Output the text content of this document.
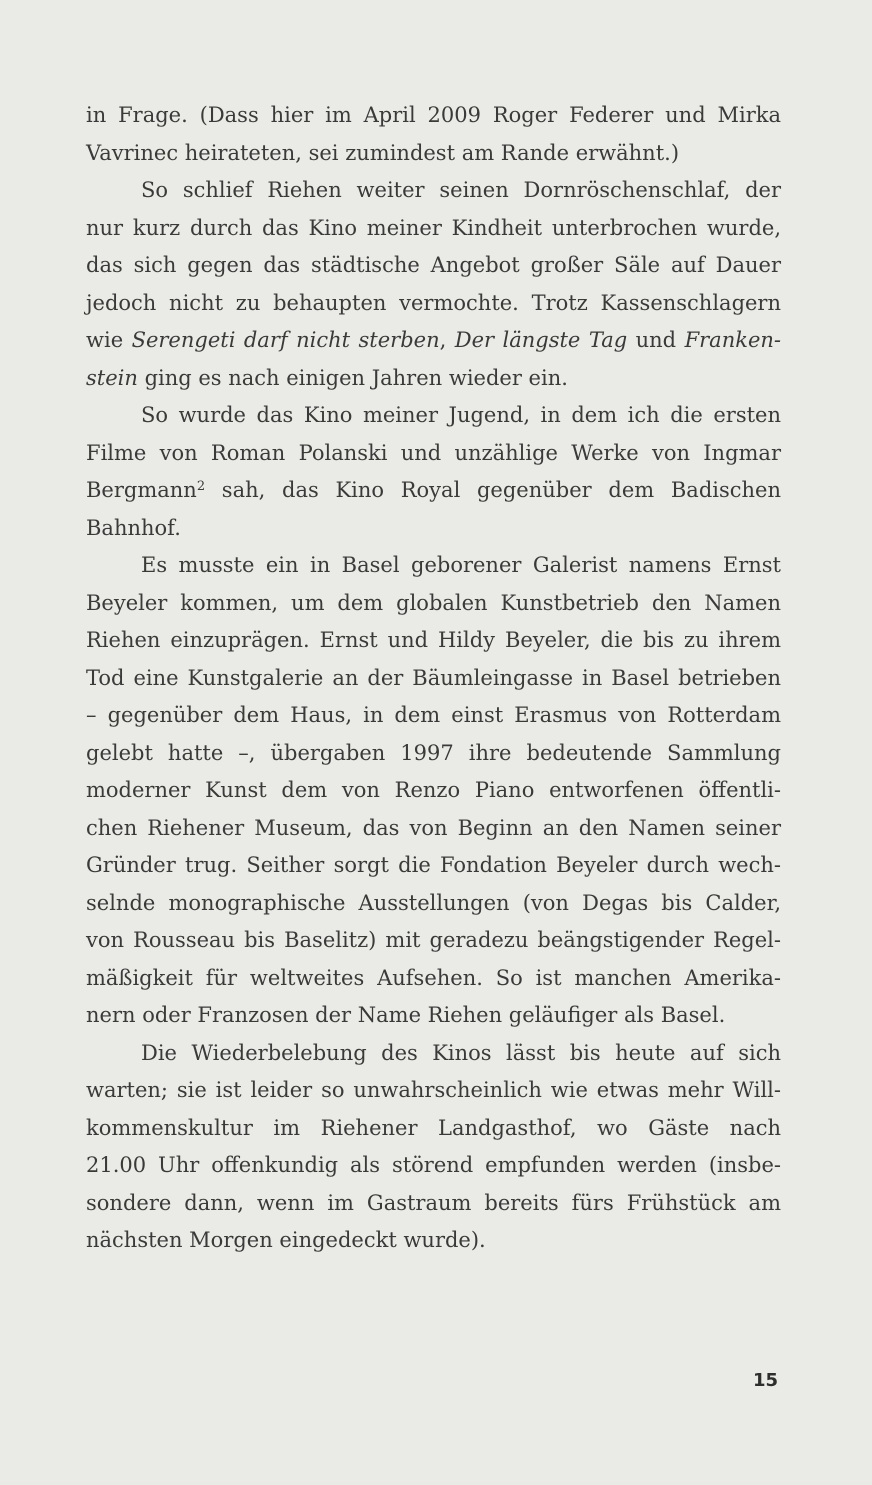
in Frage. (Dass hier im April 2009 Roger Federer und Mirka
Vavrinec heirateten, sei zumindest am Rande erwähnt.)
So schlief Riehen weiter seinen Dornröschenschlaf, der
nur kurz durch das Kino meiner Kindheit unterbrochen wurde,
das sich gegen das städtische Angebot großer Säle auf Dauer
jedoch nicht zu behaupten vermochte. Trotz Kassenschlagern
wie Serengeti darf nicht sterben, Der längste Tag und Franken-
stein ging es nach einigen Jahren wieder ein.
So wurde das Kino meiner Jugend, in dem ich die ersten
Filme von Roman Polanski und unzählige Werke von Ingmar
Bergmann$^2$ sah, das Kino Royal gegenüber dem Badischen
Bahnhof.
Es musste ein in Basel geborener Galerist namens Ernst
Beyeler kommen, um dem globalen Kunstbetrieb den Namen
Riehen einzuprägen. Ernst und Hildy Beyeler, die bis zu ihrem
Tod eine Kunstgalerie an der Bäumleingasse in Basel betrieben
– gegenüber dem Haus, in dem einst Erasmus von Rotterdam
gelebt hatte –, übergaben 1997 ihre bedeutende Sammlung
moderner Kunst dem von Renzo Piano entworfenen öffentli-
chen Riehener Museum, das von Beginn an den Namen seiner
Gründer trug. Seither sorgt die Fondation Beyeler durch wech-
selnde monographische Ausstellungen (von Degas bis Calder,
von Rousseau bis Baselitz) mit geradezu beängstigender Regel-
mäßigkeit für weltweites Aufsehen. So ist manchen Amerika-
nern oder Franzosen der Name Riehen geläufiger als Basel.
Die Wiederbelebung des Kinos lässt bis heute auf sich
warten; sie ist leider so unwahrscheinlich wie etwas mehr Will-
kommenskultur im Riehener Landgasthof, wo Gäste nach
21.00 Uhr offenkundig als störend empfunden werden (insbe-
sondere dann, wenn im Gastraum bereits fürs Frühstück am
nächsten Morgen eingedeckt wurde).
15
